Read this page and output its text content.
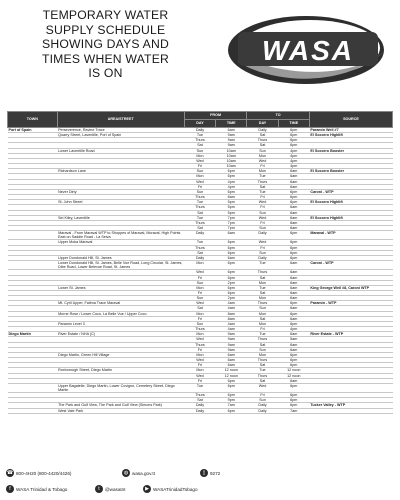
TEMPORARY WATER
SUPPLY SCHEDULE
SHOWING DAYS AND
TIMES WHEN WATER
IS ON
WASA
TOWN	AREA/STREET	FROM		TO		SOURCE
		DAY	TIME	DAY	TIME	
Port of Spain	Perseverence, Ravine Trace	Daily	6am	Daily	6pm	Paramin Well #7
	Quarry Street, Laventille, Port of Spain	Tue	9am	Sat	6pm	El Socorro Highlift
		Thurs	9am	Thurs	6pm	
		Sat	9am	Sat	6pm	
	Lower Laventille Road	Sun	10am	Sun	4pm	El Socorro Booster
		Mon	10am	Mon	4pm	
		Wed	10am	Wed	4pm	
		Fri	10am	Fri	4pm	
	Richardson Lane	Sun	6pm	Mon	6am	El Socorro Booster
		Mon	6pm	Tue	6am	
		Wed	4pm	Thurs	6am	
		Fri	4pm	Sat	6am	
	Never Dirty	Sun	6pm	Tue	6pm	Caroni - WTP
		Thurs	6am	Fri	6pm	
	St. John Street	Tue	5pm	Wed	6pm	El Socorro Highlift
		Thurs	5pm	Fri	6am	
		Sat	5pm	Sun	6am	
	Sei Kiley, Laventille	Tue	7pm	Wed	6am	El Socorro Highlift
		Thurs	7pm	Fri	6am	
		Sat	7pm	Sun	6am	
	Maraval - From Maraval WTP to Shoppes of Maraval, Moraval, High Points East on Saddle Road - La Seiva	Daily	6am	Daily	6pm	Maraval - WTP
	Upper Moka Maraval	Tue	6pm	Wed	6pm	
		Thurs	6pm	Fri	6pm	
		Sat	6pm	Sun	6pm	
	Upper Dundonald Hill, St. James	Daily	6am	Daily	6pm	
	Lower Dundonald Hill, St. James, Belle Vue Road, Long Circular, St. James, Dibe Road, Lower Belevue Road, St. James	Mon	6pm	Tue	6am	Caroni - WTP
		Wed	6pm	Thurs	6am	
		Fri	6pm	Sat	6am	
		Sun	2pm	Mon	6am	
	Lower St. James	Mon	6pm	Tue	6am	King George Well #8, Caroni WTP
		Fri	6pm	Sat	6am	
		Sun	2pm	Mon	6am	
	Mt. Cyril Upper, Fatima Trace Maraval	Wed	4am	Thurs	6pm	Paramin - WTP
		Sat	4am	Sun	6am	
	Morne Rose / Lower Coco, La Belle Vue / Upper Coco	Mon	8am	Mon	6pm	
		Fri	8am	Sat	6am	
	Paramin Level 3	Sun	4am	Mon	6pm	
		Thurs	4am	Fri	4pm	
Diego Martin	River Estate / NHA (C)	Mon	9am	Tue	6am	River Estate - WTP
		Wed	9am	Thurs	5am	
		Thurs	9am	Sat	6am	
		Fri	9am	Sun	6am	
	Diego Martin, Green Hill Village	Mon	6am	Mon	6pm	
		Wed	6am	Thurs	6pm	
		Fri	6am	Sat	6pm	
	Roxborough Street, Diego Martin	Mon	12 noon	Tue	12 noon	
		Wed	12 noon	Thurs	12 noon	
		Fri	6pm	Sat	6am	
	Upper Bagatelle, Diego Martin, Lower Covigne, Cemetery Street, Diego Martin	Tue	6pm	Wed	6pm	
		Thurs	6pm	Fri	6pm	
		Sat	9pm	Sun	6pm	
	The Park and Gulf View, The Park and Gulf View (Simons Park)	Daily	7am	Daily	6pm	Tucker Valley - WTP
	West Vale Park	Daily	6pm	Daily	7am	
☎ 800-4H20 (800-4420/4426)	◍ wasa.gov.tt	▯	9272
f	WASA Trinidad & Tobago	t	@wasatnt	▶ WASATrinidadTobago
